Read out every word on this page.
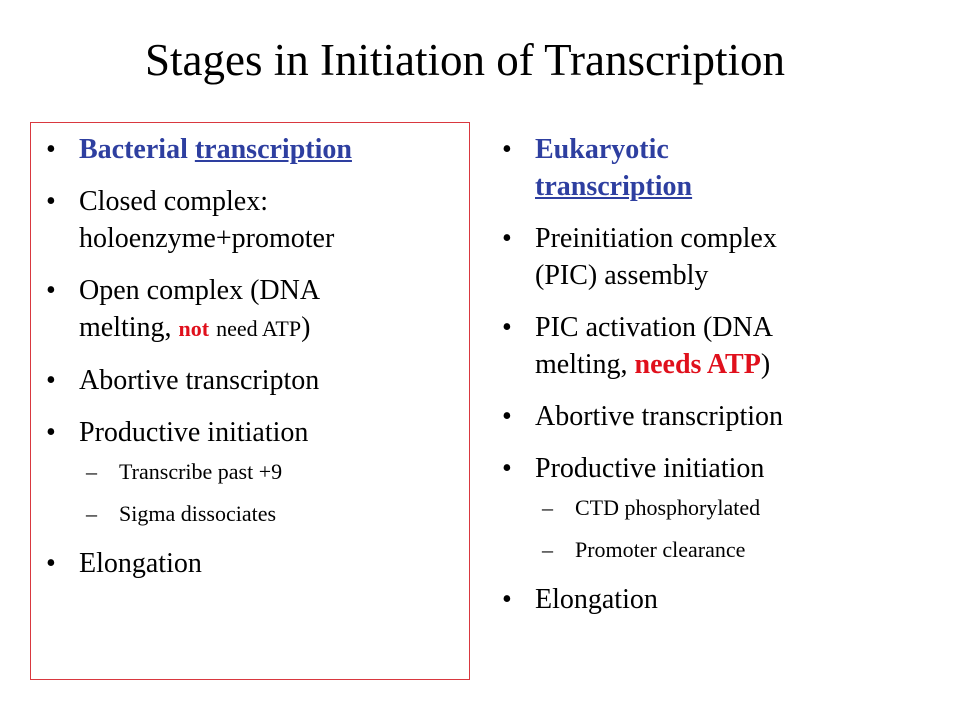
Stages in Initiation of Transcription
• Bacterial transcription
• Closed complex:
holoenzyme+promoter
• Open complex (DNA
melting, not need ATP)
• Abortive transcripton
• Productive initiation
– Transcribe past +9
– Sigma dissociates
• Elongation
• Eukaryotic
transcription
• Preinitiation complex
(PIC) assembly
• PIC activation (DNA
melting, needs ATP)
• Abortive transcription
• Productive initiation
– CTD phosphorylated
– Promoter clearance
• Elongation
